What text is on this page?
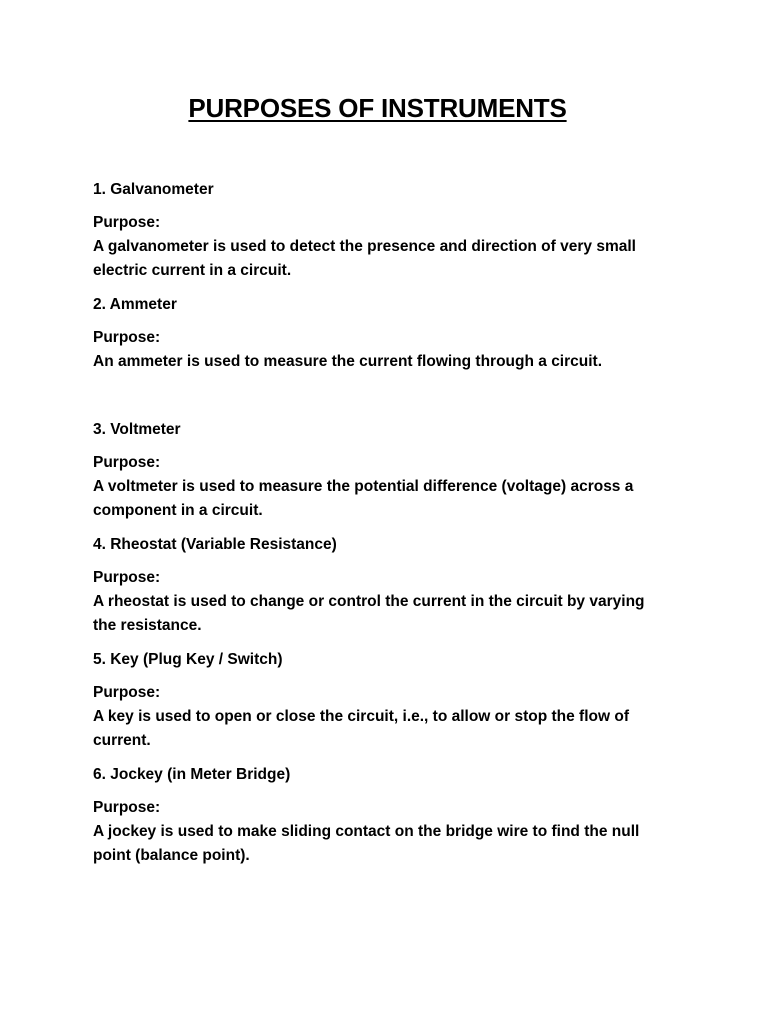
PURPOSES OF INSTRUMENTS

1. Galvanometer

Purpose:

A galvanometer is used to detect the presence and direction of very small electric current in a circuit.

2. Ammeter

Purpose:

An ammeter is used to measure the current flowing through a circuit.

3. Voltmeter

Purpose:

A voltmeter is used to measure the potential difference (voltage) across a component in a circuit.

4. Rheostat (Variable Resistance)

Purpose:

A rheostat is used to change or control the current in the circuit by varying the resistance.

5. Key (Plug Key / Switch)

Purpose:

A key is used to open or close the circuit, i.e., to allow or stop the flow of current.

6. Jockey (in Meter Bridge)

Purpose:

A jockey is used to make sliding contact on the bridge wire to find the null point (balance point).
